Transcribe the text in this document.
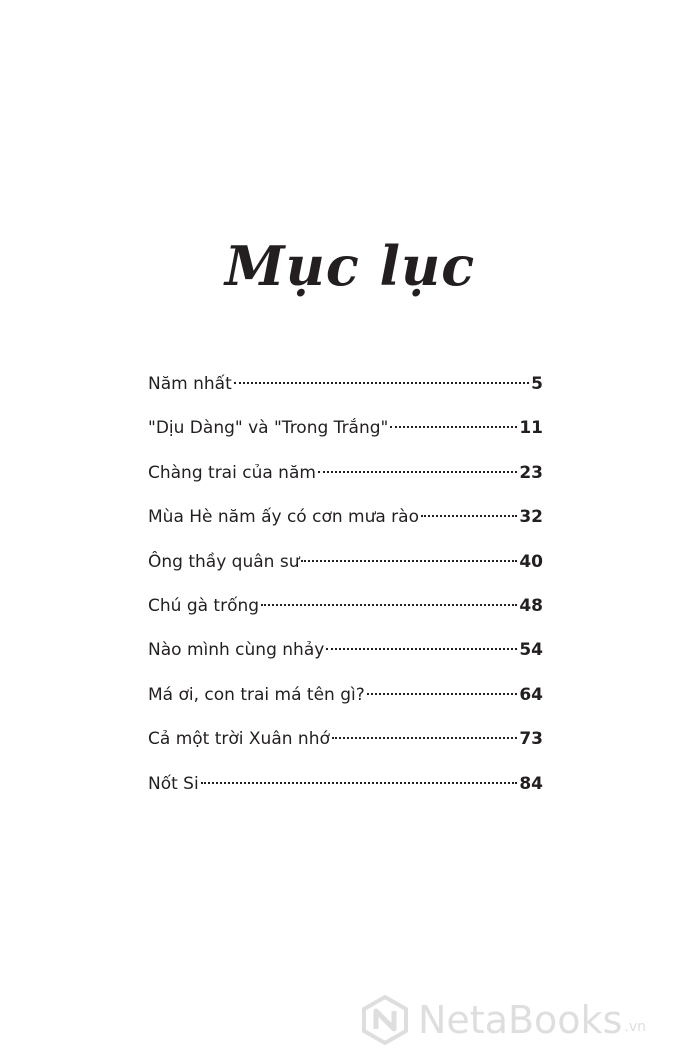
Mục lục
Năm nhất	5
"Dịu Dàng" và "Trong Trắng"	11
Chàng trai của năm	23
Mùa Hè năm ấy có cơn mưa rào	32
Ông thầy quân sư	40
Chú gà trống	48
Nào mình cùng nhảy	54
Má ơi, con trai má tên gì?	64
Cả một trời Xuân nhớ	73
Nốt Si	84
NetaBooks .vn
